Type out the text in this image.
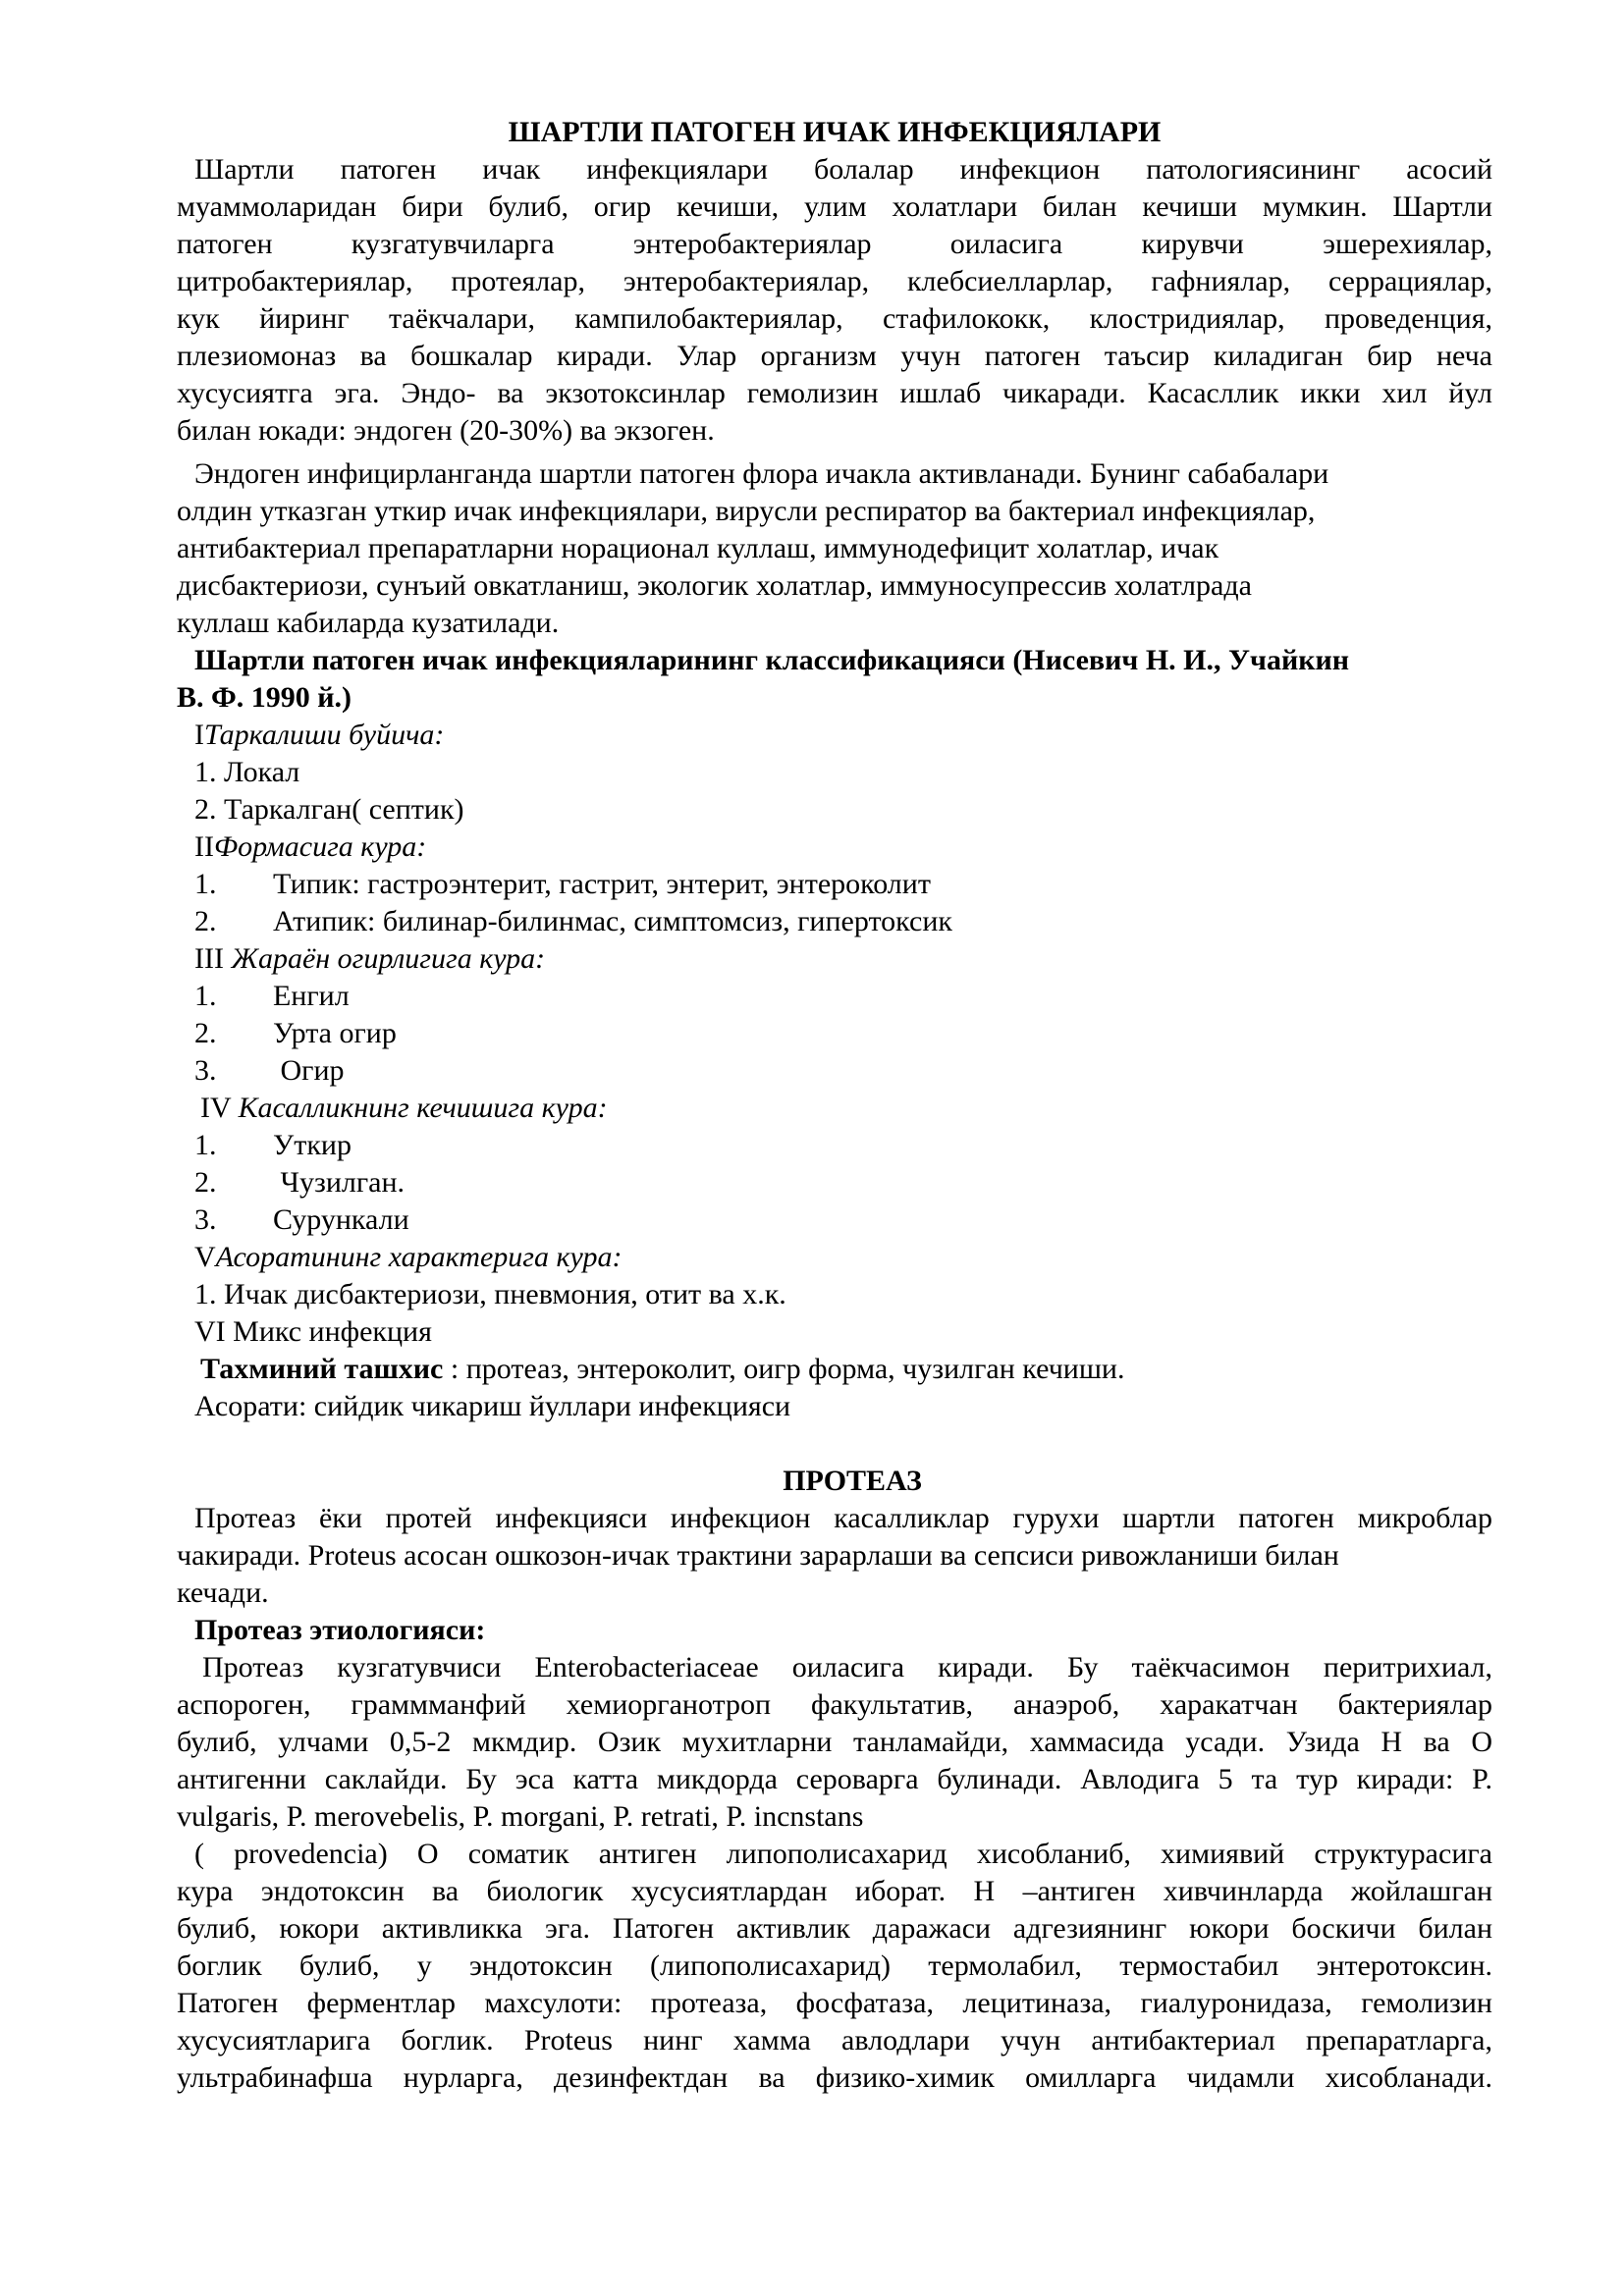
ШАРТЛИ ПАТОГЕН ИЧАК ИНФЕКЦИЯЛАРИ
Шартли патоген ичак инфекциялари болалар инфекцион патологиясининг асосий
муаммоларидан бири булиб, огир кечиши, улим холатлари билан кечиши мумкин. Шартли
патоген кузгатувчиларга энтеробактериялар оиласига кирувчи эшерехиялар,
цитробактериялар, протеялар, энтеробактериялар, клебсиелларлар, гафниялар, серрациялар,
кук йиринг таёкчалари, кампилобактериялар, стафилококк, клостридиялар, проведенция,
плезиомоназ ва бошкалар киради. Улар организм учун патоген таъсир киладиган бир неча
хусусиятга эга. Эндо- ва экзотоксинлар гемолизин ишлаб чикаради. Касасллик икки хил йул
билан юкади: эндоген (20-30%) ва экзоген.
Эндоген инфицирланганда шартли патоген флора ичакла активланади. Бунинг сабабалари
олдин утказган уткир ичак инфекциялари, вирусли респиратор ва бактериал инфекциялар,
антибактериал препаратларни норационал куллаш, иммунодефицит холатлар, ичак
дисбактериози, сунъий овкатланиш, экологик холатлар, иммуносупрессив холатлрада
куллаш кабиларда кузатилади.
Шартли патоген ичак инфекцияларининг классификацияси (Нисевич Н. И., Учайкин
В. Ф. 1990 й.)
IТаркалиши буйича:
1. Локал
2. Таркалган( септик)
IIФормасига кура:
1. Типик: гастроэнтерит, гастрит, энтерит, энтероколит
2. Атипик: билинар-билинмас, симптомсиз, гипертоксик
III Жараён огирлигига кура:
1. Енгил
2. Урта огир
3. Огир
IV Касалликнинг кечишига кура:
1. Уткир
2. Чузилган.
3. Сурункали
VАсоратининг характерига кура:
1. Ичак дисбактериози, пневмония, отит ва х.к.
VI Микс инфекция
Тахминий ташхис : протеаз, энтероколит, оигр форма, чузилган кечиши.
Асорати: сийдик чикариш йуллари инфекцияси
ПРОТЕАЗ
Протеаз ёки протей инфекцияси инфекцион касалликлар гурухи шартли патоген микроблар
чакиради. Proteus асосан ошкозон-ичак трактини зарарлаши ва сепсиси ривожланиши билан
кечади.
Протеаз этиологияси:
Протеаз кузгатувчиси Enterobacteriaceae оиласига киради. Бу таёкчасимон перитрихиал,
аспороген, граммманфий хемиорганотроп факультатив, анаэроб, харакатчан бактериялар
булиб, улчами 0,5-2 мкмдир. Озик мухитларни танламайди, хаммасида усади. Узида Н ва О
антигенни саклайди. Бу эса катта микдорда сероварга булинади. Авлодига 5 та тур киради: P.
vulgaris, P. merovebelis, P. morgani, P. retrati, P. incnstans
( provedencia) O соматик антиген липополисахарид хисобланиб, химиявий структурасига
кура эндотоксин ва биологик хусусиятлардан иборат. Н –антиген хивчинларда жойлашган
булиб, юкори активликка эга. Патоген активлик даражаси адгезиянинг юкори боскичи билан
боглик булиб, у эндотоксин (липополисахарид) термолабил, термостабил энтеротоксин.
Патоген ферментлар махсулоти: протеаза, фосфатаза, лецитиназа, гиалуронидаза, гемолизин
хусусиятларига боглик. Proteus нинг хамма авлодлари учун антибактериал препаратларга,
ультрабинафша нурларга, дезинфектдан ва физико-химик омилларга чидамли хисобланади.
